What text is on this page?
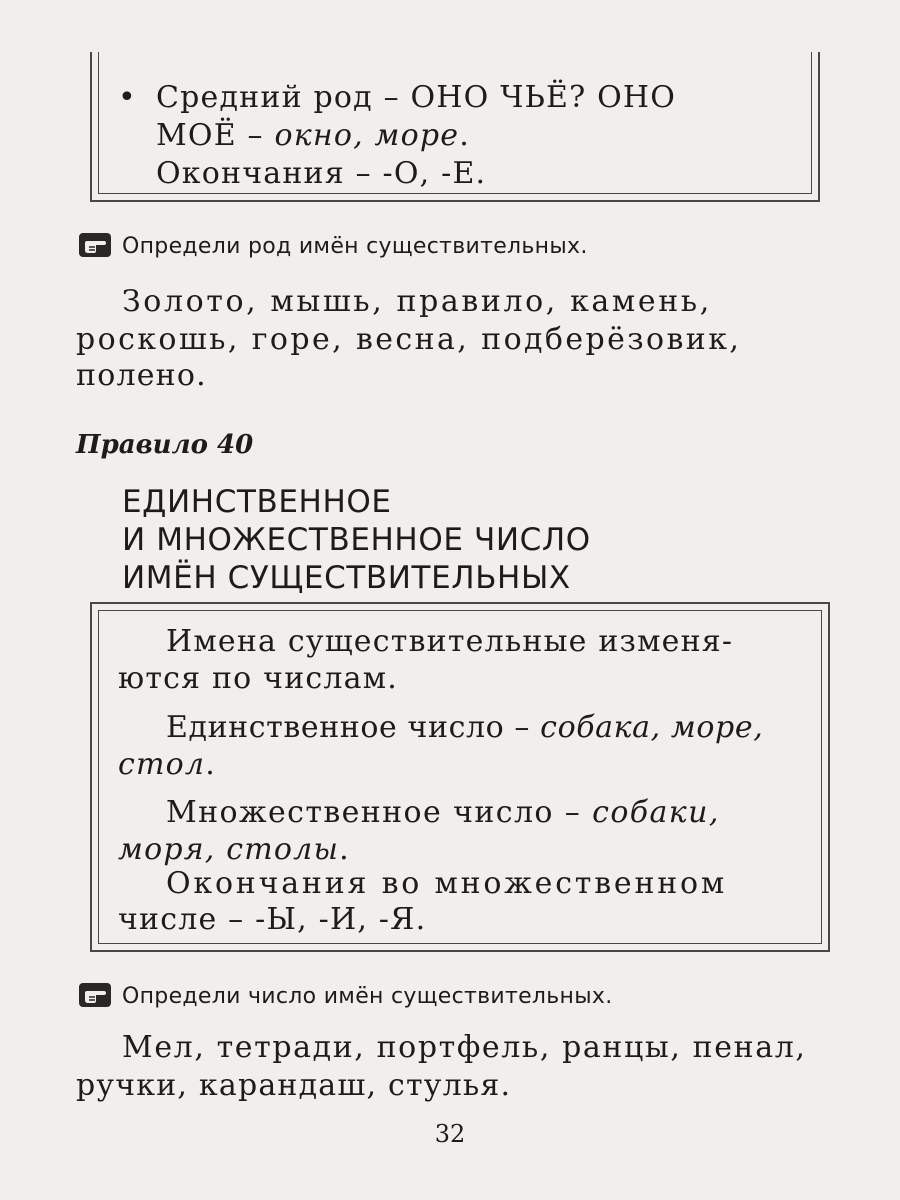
• Средний род – ОНО ЧЬЁ? ОНО
МОЁ – окно, море.
Окончания – -О, -Е.
Определи род имён существительных.
Золото, мышь, правило, камень,
роскошь, горе, весна, подберёзовик,
полено.
Правило 40
ЕДИНСТВЕННОЕ
И МНОЖЕСТВЕННОЕ ЧИСЛО
ИМЁН СУЩЕСТВИТЕЛЬНЫХ
Имена существительные изменя-
ются по числам.
Единственное число – собака, море,
стол.
Множественное число – собаки,
моря, столы.
Окончания во множественном
числе – -Ы, -И, -Я.
Определи число имён существительных.
Мел, тетради, портфель, ранцы, пенал,
ручки, карандаш, стулья.
32
